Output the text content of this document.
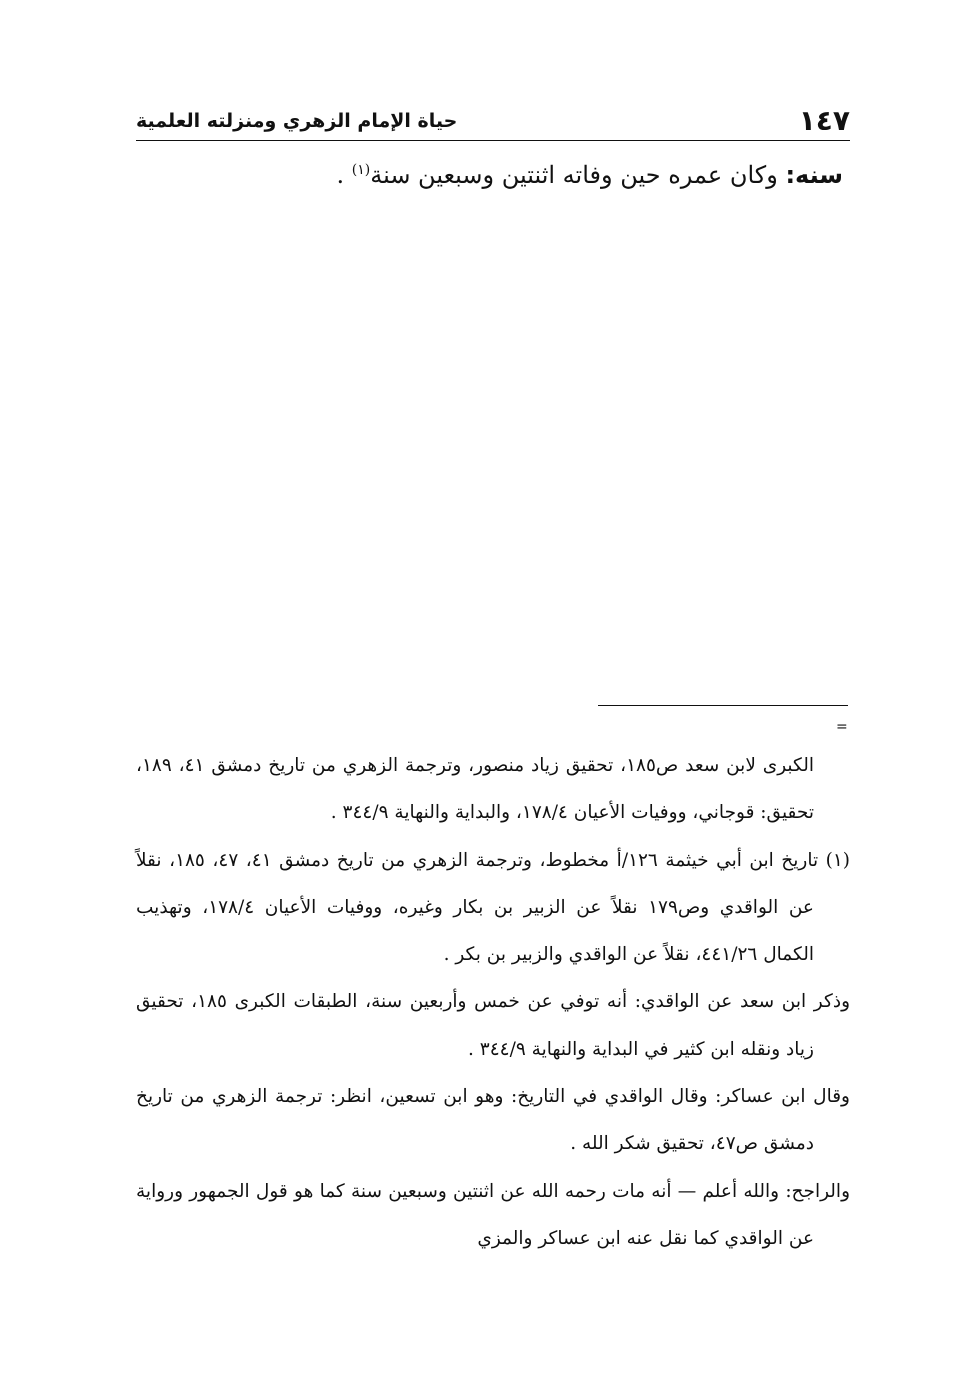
١٤٧
حياة الإمام الزهري ومنزلته العلمية
سنه: وكان عمره حين وفاته اثنتين وسبعين سنة$^{(١)}$ .
=

الكبرى لابن سعد ص١٨٥، تحقيق زياد منصور، وترجمة الزهري من تاريخ دمشق ٤١، ١٨٩، تحقيق: قوجاني، ووفيات الأعيان ١٧٨/٤، والبداية والنهاية ٣٤٤/٩ .

(١) تاريخ ابن أبي خيثمة ١٢٦/أ مخطوط، وترجمة الزهري من تاريخ دمشق ٤١، ٤٧، ١٨٥، نقلاً عن الواقدي وص١٧٩ نقلاً عن الزبير بن بكار وغيره، ووفيات الأعيان ١٧٨/٤، وتهذيب الكمال ٤٤١/٢٦، نقلاً عن الواقدي والزبير بن بكر .

وذكر ابن سعد عن الواقدي: أنه توفي عن خمس وأربعين سنة، الطبقات الكبرى ١٨٥، تحقيق زياد ونقله ابن كثير في البداية والنهاية ٣٤٤/٩ .

وقال ابن عساكر: وقال الواقدي في التاريخ: وهو ابن تسعين، انظر: ترجمة الزهري من تاريخ دمشق ص٤٧، تحقيق شكر الله .

والراجح: والله أعلم — أنه مات رحمه الله عن اثنتين وسبعين سنة كما هو قول الجمهور ورواية عن الواقدي كما نقل عنه ابن عساكر والمزي
